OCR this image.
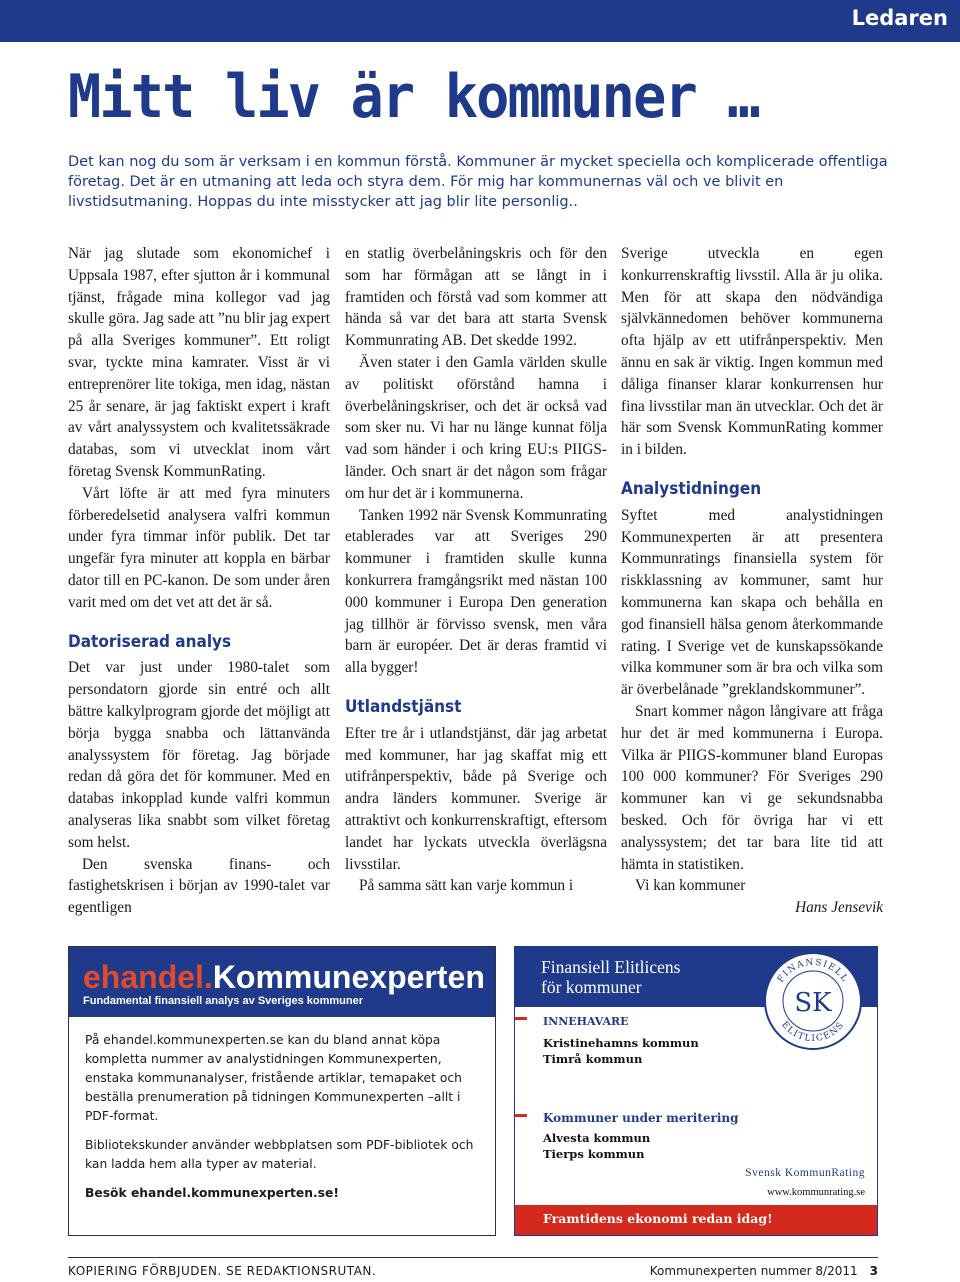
Ledaren
Mitt liv är kommuner …

Det kan nog du som är verksam i en kommun förstå. Kommuner är mycket speciella och komplicerade offentliga företag. Det är en utmaning att leda och styra dem. För mig har kommunernas väl och ve blivit en livstidsutmaning. Hoppas du inte misstycker att jag blir lite personlig..

När jag slutade som ekonomichef i Uppsala 1987, efter sjutton år i kommunal tjänst, frågade mina kollegor vad jag skulle göra. Jag sade att ”nu blir jag expert på alla Sveriges kommuner”. Ett roligt svar, tyckte mina kamrater. Visst är vi entreprenörer lite tokiga, men idag, nästan 25 år senare, är jag faktiskt expert i kraft av vårt analyssystem och kvalitetssäkrade databas, som vi utvecklat inom vårt företag Svensk KommunRating.

Vårt löfte är att med fyra minuters förberedelsetid analysera valfri kommun under fyra timmar inför publik. Det tar ungefär fyra minuter att koppla en bärbar dator till en PC-kanon. De som under åren varit med om det vet att det är så.

Datoriserad analys

Det var just under 1980-talet som persondatorn gjorde sin entré och allt bättre kalkylprogram gjorde det möjligt att börja bygga snabba och lättanvända analyssystem för företag. Jag började redan då göra det för kommuner. Med en databas inkopplad kunde valfri kommun analyseras lika snabbt som vilket företag som helst.

Den svenska finans- och fastighetskrisen i början av 1990-talet var egentligen

en statlig överbelåningskris och för den som har förmågan att se långt in i framtiden och förstå vad som kommer att hända så var det bara att starta Svensk Kommunrating AB. Det skedde 1992.

Även stater i den Gamla världen skulle av politiskt oförstånd hamna i överbelåningskriser, och det är också vad som sker nu. Vi har nu länge kunnat följa vad som händer i och kring EU:s PIIGS-länder. Och snart är det någon som frågar om hur det är i kommunerna.

Tanken 1992 när Svensk Kommunrating etablerades var att Sveriges 290 kommuner i framtiden skulle kunna konkurrera framgångsrikt med nästan 100 000 kommuner i Europa Den generation jag tillhör är förvisso svensk, men våra barn är européer. Det är deras framtid vi alla bygger!

Utlandstjänst

Efter tre år i utlandstjänst, där jag arbetat med kommuner, har jag skaffat mig ett utifrånperspektiv, både på Sverige och andra länders kommuner. Sverige är attraktivt och konkurrenskraftigt, eftersom landet har lyckats utveckla överlägsna livsstilar.

På samma sätt kan varje kommun i

Sverige utveckla en egen konkurrenskraftig livsstil. Alla är ju olika. Men för att skapa den nödvändiga självkännedomen behöver kommunerna ofta hjälp av ett utifrånperspektiv. Men ännu en sak är viktig. Ingen kommun med dåliga finanser klarar konkurrensen hur fina livsstilar man än utvecklar. Och det är här som Svensk KommunRating kommer in i bilden.

Analystidningen

Syftet med analystidningen Kommunexperten är att presentera Kommunratings finansiella system för riskklassning av kommuner, samt hur kommunerna kan skapa och behålla en god finansiell hälsa genom återkommande rating. I Sverige vet de kunskapssökande vilka kommuner som är bra och vilka som är överbelånade ”greklandskommuner”.

Snart kommer någon långivare att fråga hur det är med kommunerna i Europa. Vilka är PIIGS-kommuner bland Europas 100 000 kommuner? För Sveriges 290 kommuner kan vi ge sekundsnabba besked. Och för övriga har vi ett analyssystem; det tar bara lite tid att hämta in statistiken.

Vi kan kommuner

Hans Jensevik

ehandel.Kommunexperten
Fundamental finansiell analys av Sveriges kommuner

På ehandel.kommunexperten.se kan du bland annat köpa kompletta nummer av analystidningen Kommunexperten, enstaka kommunanalyser, fristående artiklar, temapaket och beställa prenumeration på tidningen Kommunexperten –allt i PDF-format.

Bibliotekskunder använder webbplatsen som PDF-bibliotek och kan ladda hem alla typer av material.

Besök ehandel.kommunexperten.se!

Finansiell Elitlicens
för kommuner	FINANSIELL
ELITLICENS
SK
INNEHAVARE
Kristinehamns kommun
Timrå kommun
Kommuner under meritering
Alvesta kommun
Tierps kommun
Svensk KommunRating
www.kommunrating.se
Framtidens ekonomi redan idag!
KOPIERING FÖRBJUDEN. SE REDAKTIONSRUTAN.	Kommunexperten nummer 8/2011 3
